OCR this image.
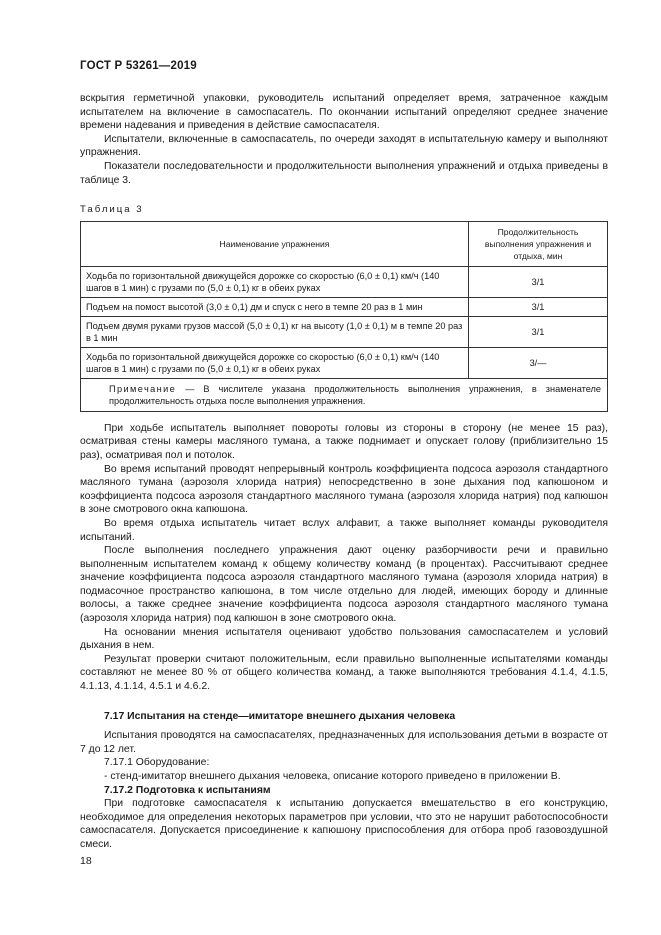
ГОСТ Р 53261—2019

вскрытия герметичной упаковки, руководитель испытаний определяет время, затраченное каждым испытателем на включение в самоспасатель. По окончании испытаний определяют среднее значение времени надевания и приведения в действие самоспасателя.

Испытатели, включенные в самоспасатель, по очереди заходят в испытательную камеру и выполняют упражнения.

Показатели последовательности и продолжительности выполнения упражнений и отдыха приведены в таблице 3.

Таблица 3
Наименование упражнения	Продолжительность выполнения упражнения и отдыха, мин
Ходьба по горизонтальной движущейся дорожке со скоростью (6,0 ± 0,1) км/ч (140 шагов в 1 мин) с грузами по (5,0 ± 0,1) кг в обеих руках	3/1
Подъем на помост высотой (3,0 ± 0,1) дм и спуск с него в темпе 20 раз в 1 мин	3/1
Подъем двумя руками грузов массой (5,0 ± 0,1) кг на высоту (1,0 ± 0,1) м в темпе 20 раз в 1 мин	3/1
Ходьба по горизонтальной движущейся дорожке со скоростью (6,0 ± 0,1) км/ч (140 шагов в 1 мин) с грузами по (5,0 ± 0,1) кг в обеих руках	3/—
Примечание — В числителе указана продолжительность выполнения упражнения, в знаменателе продолжительность отдыха после выполнения упражнения.	

При ходьбе испытатель выполняет повороты головы из стороны в сторону (не менее 15 раз), осматривая стены камеры масляного тумана, а также поднимает и опускает голову (приблизительно 15 раз), осматривая пол и потолок.

Во время испытаний проводят непрерывный контроль коэффициента подсоса аэрозоля стандартного масляного тумана (аэрозоля хлорида натрия) непосредственно в зоне дыхания под капюшоном и коэффициента подсоса аэрозоля стандартного масляного тумана (аэрозоля хлорида натрия) под капюшон в зоне смотрового окна капюшона.

Во время отдыха испытатель читает вслух алфавит, а также выполняет команды руководителя испытаний.

После выполнения последнего упражнения дают оценку разборчивости речи и правильно выполненным испытателем команд к общему количеству команд (в процентах). Рассчитывают среднее значение коэффициента подсоса аэрозоля стандартного масляного тумана (аэрозоля хлорида натрия) в подмасочное пространство капюшона, в том числе отдельно для людей, имеющих бороду и длинные волосы, а также среднее значение коэффициента подсоса аэрозоля стандартного масляного тумана (аэрозоля хлорида натрия) под капюшон в зоне смотрового окна.

На основании мнения испытателя оценивают удобство пользования самоспасателем и условий дыхания в нем.

Результат проверки считают положительным, если правильно выполненные испытателями команды составляют не менее 80 % от общего количества команд, а также выполняются требования 4.1.4, 4.1.5, 4.1.13, 4.1.14, 4.5.1 и 4.6.2.

7.17 Испытания на стенде—имитаторе внешнего дыхания человека

Испытания проводятся на самоспасателях, предназначенных для использования детьми в возрасте от 7 до 12 лет.

7.17.1 Оборудование:

- стенд-имитатор внешнего дыхания человека, описание которого приведено в приложении В.

7.17.2 Подготовка к испытаниям

При подготовке самоспасателя к испытанию допускается вмешательство в его конструкцию, необходимое для определения некоторых параметров при условии, что это не нарушит работоспособности самоспасателя. Допускается присоединение к капюшону приспособления для отбора проб газовоздушной смеси.

18
